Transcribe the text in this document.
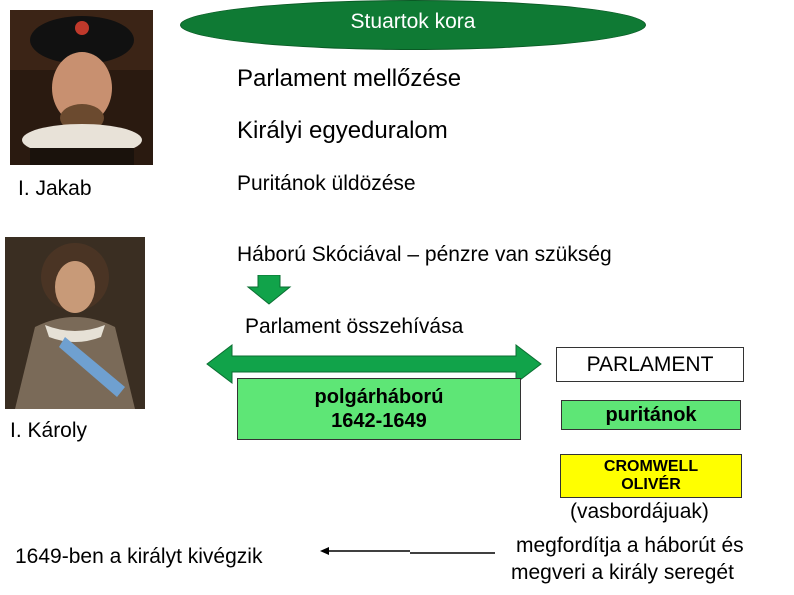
Stuartok kora
I. Jakab
Parlament mellőzése
Királyi egyeduralom
Puritánok üldözése
Háború Skóciával – pénzre van szükség
Parlament összehívása
I. Károly
polgárháború
1642-1649
PARLAMENT
puritánok
CROMWELL
OLIVÉR
(vasbordájuak)
megfordítja a háborút és
megveri a király seregét
1649-ben a királyt kivégzik
